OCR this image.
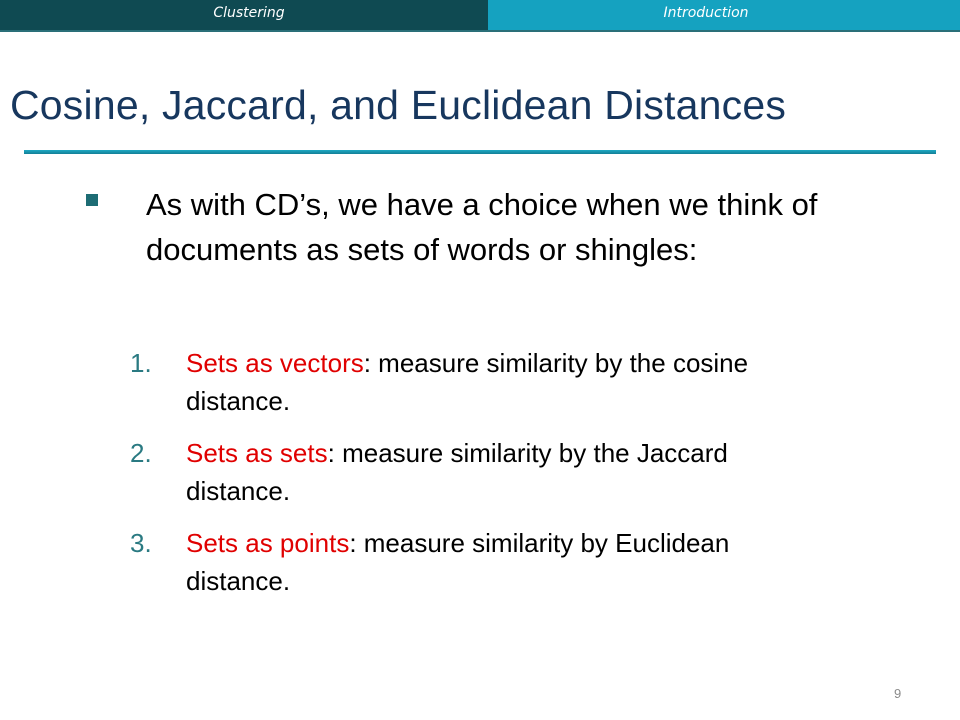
Clustering	Introduction
Cosine, Jaccard, and Euclidean Distances
As with CD’s, we have a choice when we think of documents as sets of words or shingles:
1. Sets as vectors: measure similarity by the cosine distance.
2. Sets as sets: measure similarity by the Jaccard distance.
3. Sets as points: measure similarity by Euclidean distance.
9
